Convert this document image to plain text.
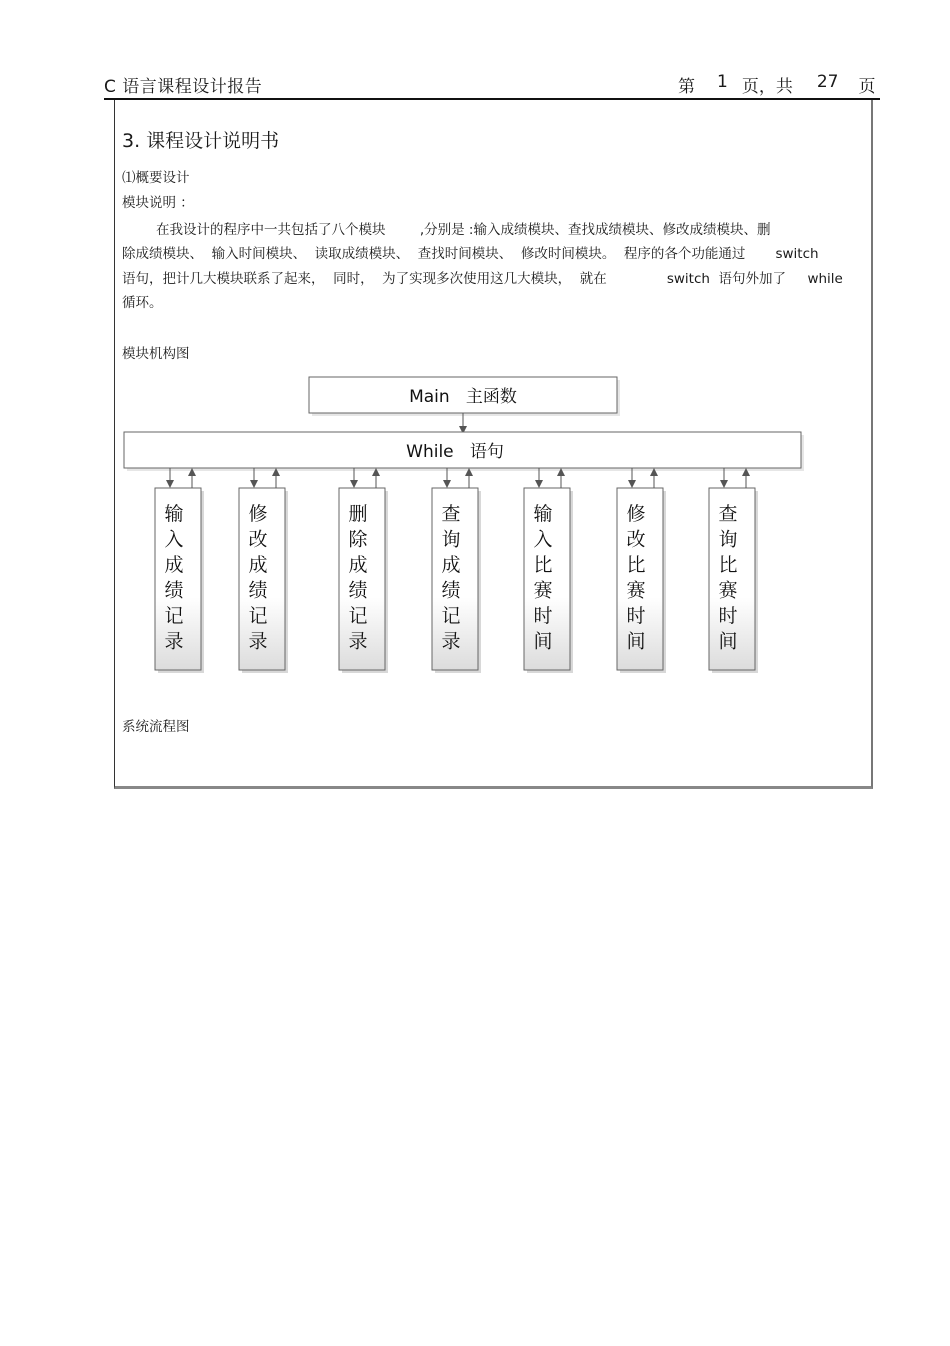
C 语言课程设计报告	第 1 页，共 27 页
3. 课程设计说明书
⑴概要设计
模块说明 ：
在我设计的程序中一共包括了八个模块        ,分别是 :输入成绩模块、查找成绩模块、修改成绩模块、删
除成绩模块、  输入时间模块、  读取成绩模块、  查找时间模块、  修改时间模块。  程序的各个功能通过       switch
语句，把计几大模块联系了起来，  同时，  为了实现多次使用这几大模块，  就在              switch  语句外加了     while
循环。
模块机构图
Main   主函数
While   语句
输
入
成
绩
记
录
修
改
成
绩
记
录
删
除
成
绩
记
录
查
询
成
绩
记
录
输
入
比
赛
时
间
修
改
比
赛
时
间
查
询
比
赛
时
间
系统流程图
